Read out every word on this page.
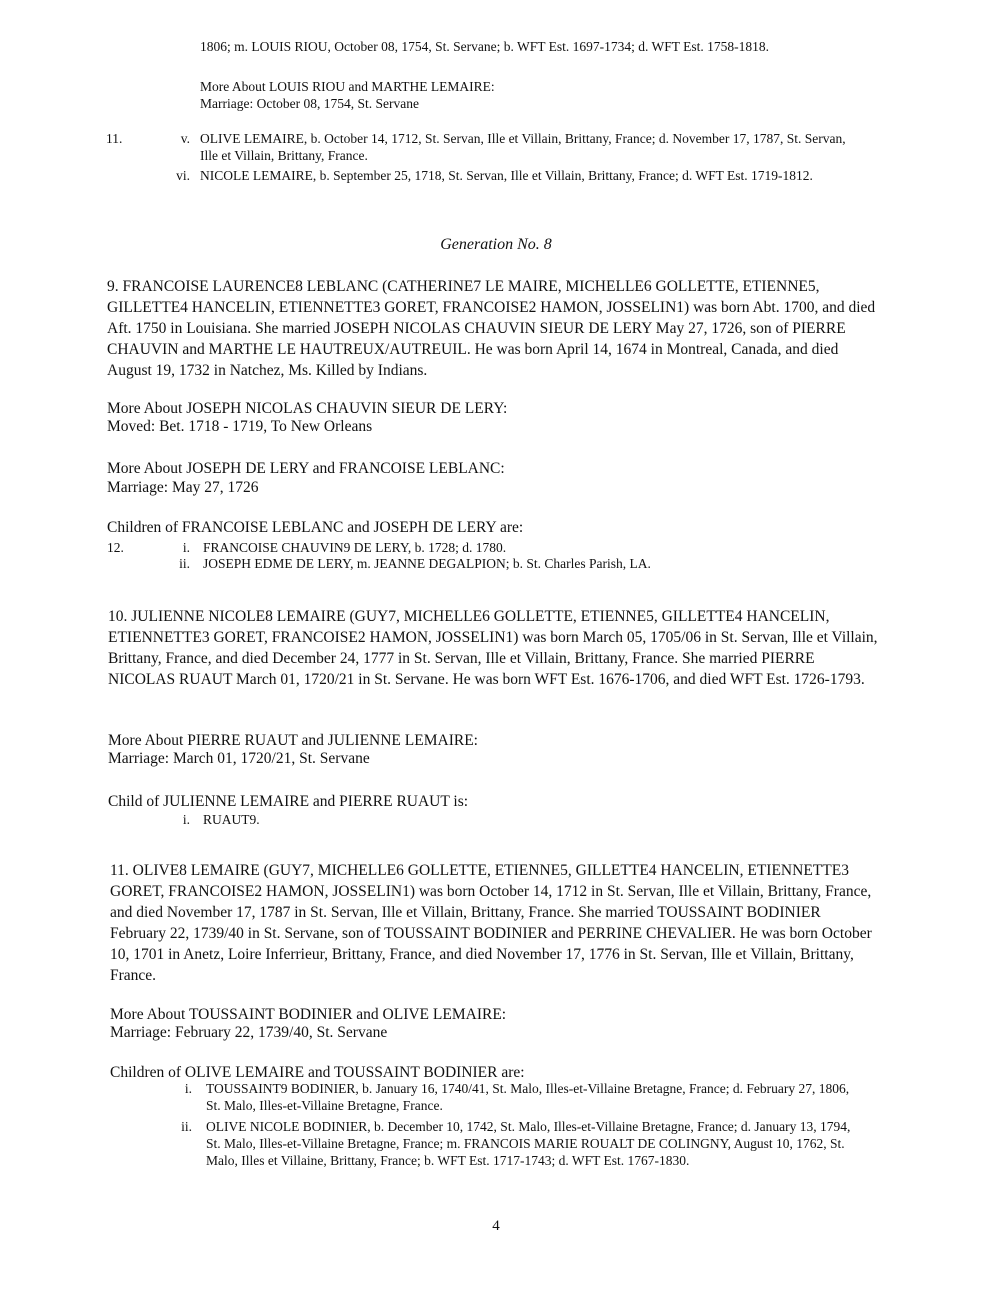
1806; m. LOUIS RIOU, October 08, 1754, St. Servane; b. WFT Est. 1697-1734; d. WFT Est. 1758-1818.

More About LOUIS RIOU and MARTHE LEMAIRE:

Marriage: October 08, 1754, St. Servane

11.	v. OLIVE LEMAIRE, b. October 14, 1712, St. Servan, Ille et Villain, Brittany, France; d. November 17, 1787, St. Servan, Ille et Villain, Brittany, France.

vi. NICOLE LEMAIRE, b. September 25, 1718, St. Servan, Ille et Villain, Brittany, France; d. WFT Est. 1719-1812.

Generation No. 8

9. FRANCOISE LAURENCE8 LEBLANC (CATHERINE7 LE MAIRE, MICHELLE6 GOLLETTE, ETIENNE5, GILLETTE4 HANCELIN, ETIENNETTE3 GORET, FRANCOISE2 HAMON, JOSSELIN1) was born Abt. 1700, and died Aft. 1750 in Louisiana. She married JOSEPH NICOLAS CHAUVIN SIEUR DE LERY May 27, 1726, son of PIERRE CHAUVIN and MARTHE LE HAUTREUX/AUTREUIL. He was born April 14, 1674 in Montreal, Canada, and died August 19, 1732 in Natchez, Ms. Killed by Indians.

More About JOSEPH NICOLAS CHAUVIN SIEUR DE LERY:

Moved: Bet. 1718 - 1719, To New Orleans

More About JOSEPH DE LERY and FRANCOISE LEBLANC:

Marriage: May 27, 1726

Children of FRANCOISE LEBLANC and JOSEPH DE LERY are:

12.	i. FRANCOISE CHAUVIN9 DE LERY, b. 1728; d. 1780.

ii. JOSEPH EDME DE LERY, m. JEANNE DEGALPION; b. St. Charles Parish, LA.

10. JULIENNE NICOLE8 LEMAIRE (GUY7, MICHELLE6 GOLLETTE, ETIENNE5, GILLETTE4 HANCELIN, ETIENNETTE3 GORET, FRANCOISE2 HAMON, JOSSELIN1) was born March 05, 1705/06 in St. Servan, Ille et Villain, Brittany, France, and died December 24, 1777 in St. Servan, Ille et Villain, Brittany, France. She married PIERRE NICOLAS RUAUT March 01, 1720/21 in St. Servane. He was born WFT Est. 1676-1706, and died WFT Est. 1726-1793.

More About PIERRE RUAUT and JULIENNE LEMAIRE:

Marriage: March 01, 1720/21, St. Servane

Child of JULIENNE LEMAIRE and PIERRE RUAUT is:

i. RUAUT9.

11. OLIVE8 LEMAIRE (GUY7, MICHELLE6 GOLLETTE, ETIENNE5, GILLETTE4 HANCELIN, ETIENNETTE3 GORET, FRANCOISE2 HAMON, JOSSELIN1) was born October 14, 1712 in St. Servan, Ille et Villain, Brittany, France, and died November 17, 1787 in St. Servan, Ille et Villain, Brittany, France. She married TOUSSAINT BODINIER February 22, 1739/40 in St. Servane, son of TOUSSAINT BODINIER and PERRINE CHEVALIER. He was born October 10, 1701 in Anetz, Loire Inferrieur, Brittany, France, and died November 17, 1776 in St. Servan, Ille et Villain, Brittany, France.

More About TOUSSAINT BODINIER and OLIVE LEMAIRE:

Marriage: February 22, 1739/40, St. Servane

Children of OLIVE LEMAIRE and TOUSSAINT BODINIER are:

i. TOUSSAINT9 BODINIER, b. January 16, 1740/41, St. Malo, Illes-et-Villaine Bretagne, France; d. February 27, 1806, St. Malo, Illes-et-Villaine Bretagne, France.

ii. OLIVE NICOLE BODINIER, b. December 10, 1742, St. Malo, Illes-et-Villaine Bretagne, France; d. January 13, 1794, St. Malo, Illes-et-Villaine Bretagne, France; m. FRANCOIS MARIE ROUALT DE COLINGNY, August 10, 1762, St. Malo, Illes et Villaine, Brittany, France; b. WFT Est. 1717-1743; d. WFT Est. 1767-1830.

4
